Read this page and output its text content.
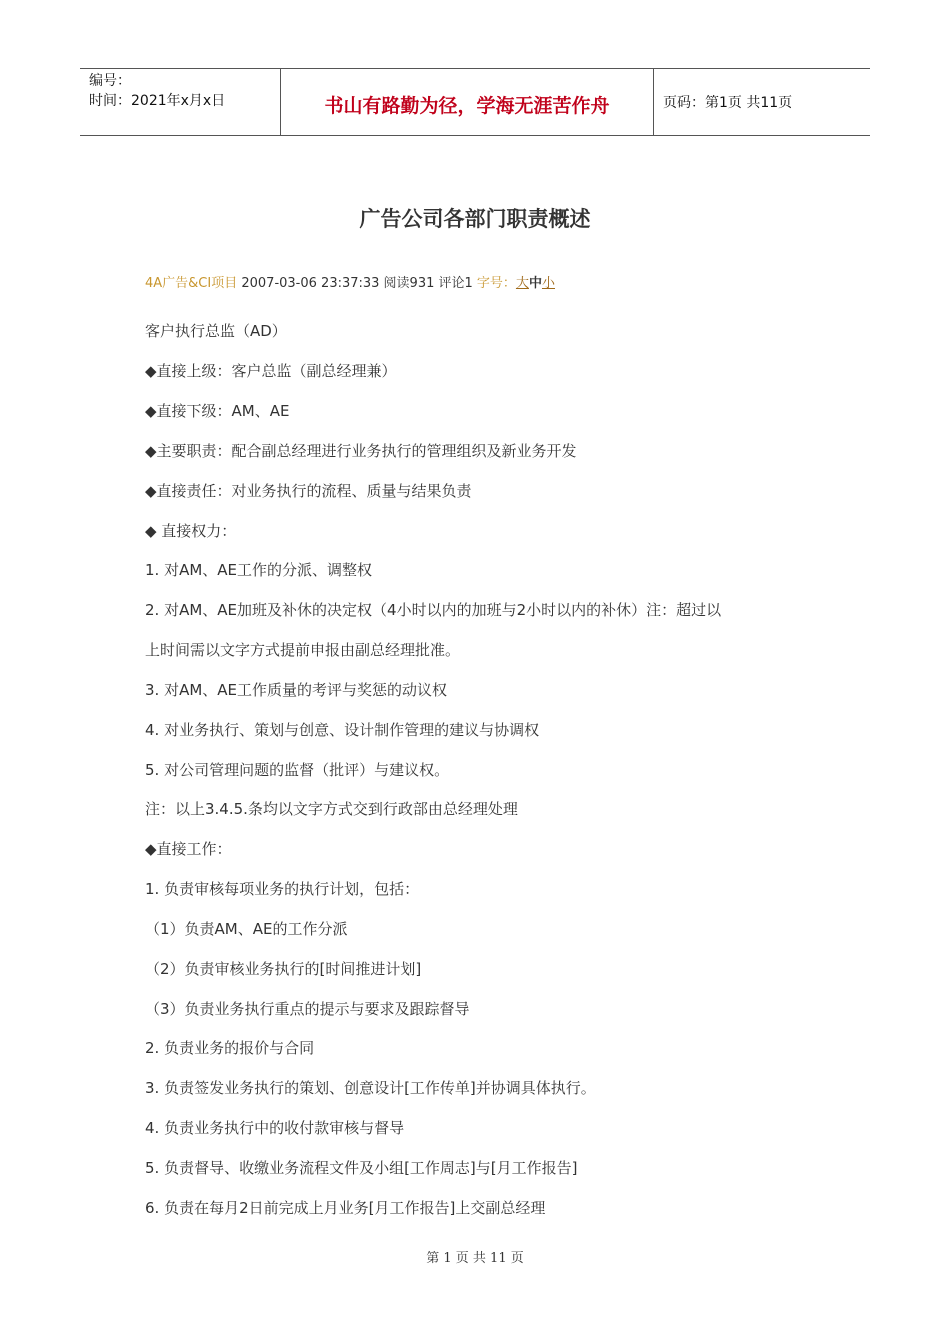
编号：
时间：2021年x月x日	书山有路勤为径，学海无涯苦作舟	页码：第1页 共11页
广告公司各部门职责概述
4A广告&CI项目 2007-03-06 23:37:33 阅读931 评论1 字号：大中小
客户执行总监（AD）
◆直接上级：客户总监（副总经理兼）
◆直接下级：AM、AE
◆主要职责：配合副总经理进行业务执行的管理组织及新业务开发
◆直接责任：对业务执行的流程、质量与结果负责
◆ 直接权力：
1. 对AM、AE工作的分派、调整权
2. 对AM、AE加班及补休的决定权（4小时以内的加班与2小时以内的补休）注：超过以
上时间需以文字方式提前申报由副总经理批准。
3. 对AM、AE工作质量的考评与奖惩的动议权
4. 对业务执行、策划与创意、设计制作管理的建议与协调权
5. 对公司管理问题的监督（批评）与建议权。
注：以上3.4.5.条均以文字方式交到行政部由总经理处理
◆直接工作：
1. 负责审核每项业务的执行计划，包括：
（1）负责AM、AE的工作分派
（2）负责审核业务执行的[时间推进计划]
（3）负责业务执行重点的提示与要求及跟踪督导
2. 负责业务的报价与合同
3. 负责签发业务执行的策划、创意设计[工作传单]并协调具体执行。
4. 负责业务执行中的收付款审核与督导
5. 负责督导、收缴业务流程文件及小组[工作周志]与[月工作报告]
6. 负责在每月2日前完成上月业务[月工作报告]上交副总经理
第 1 页 共 11 页
